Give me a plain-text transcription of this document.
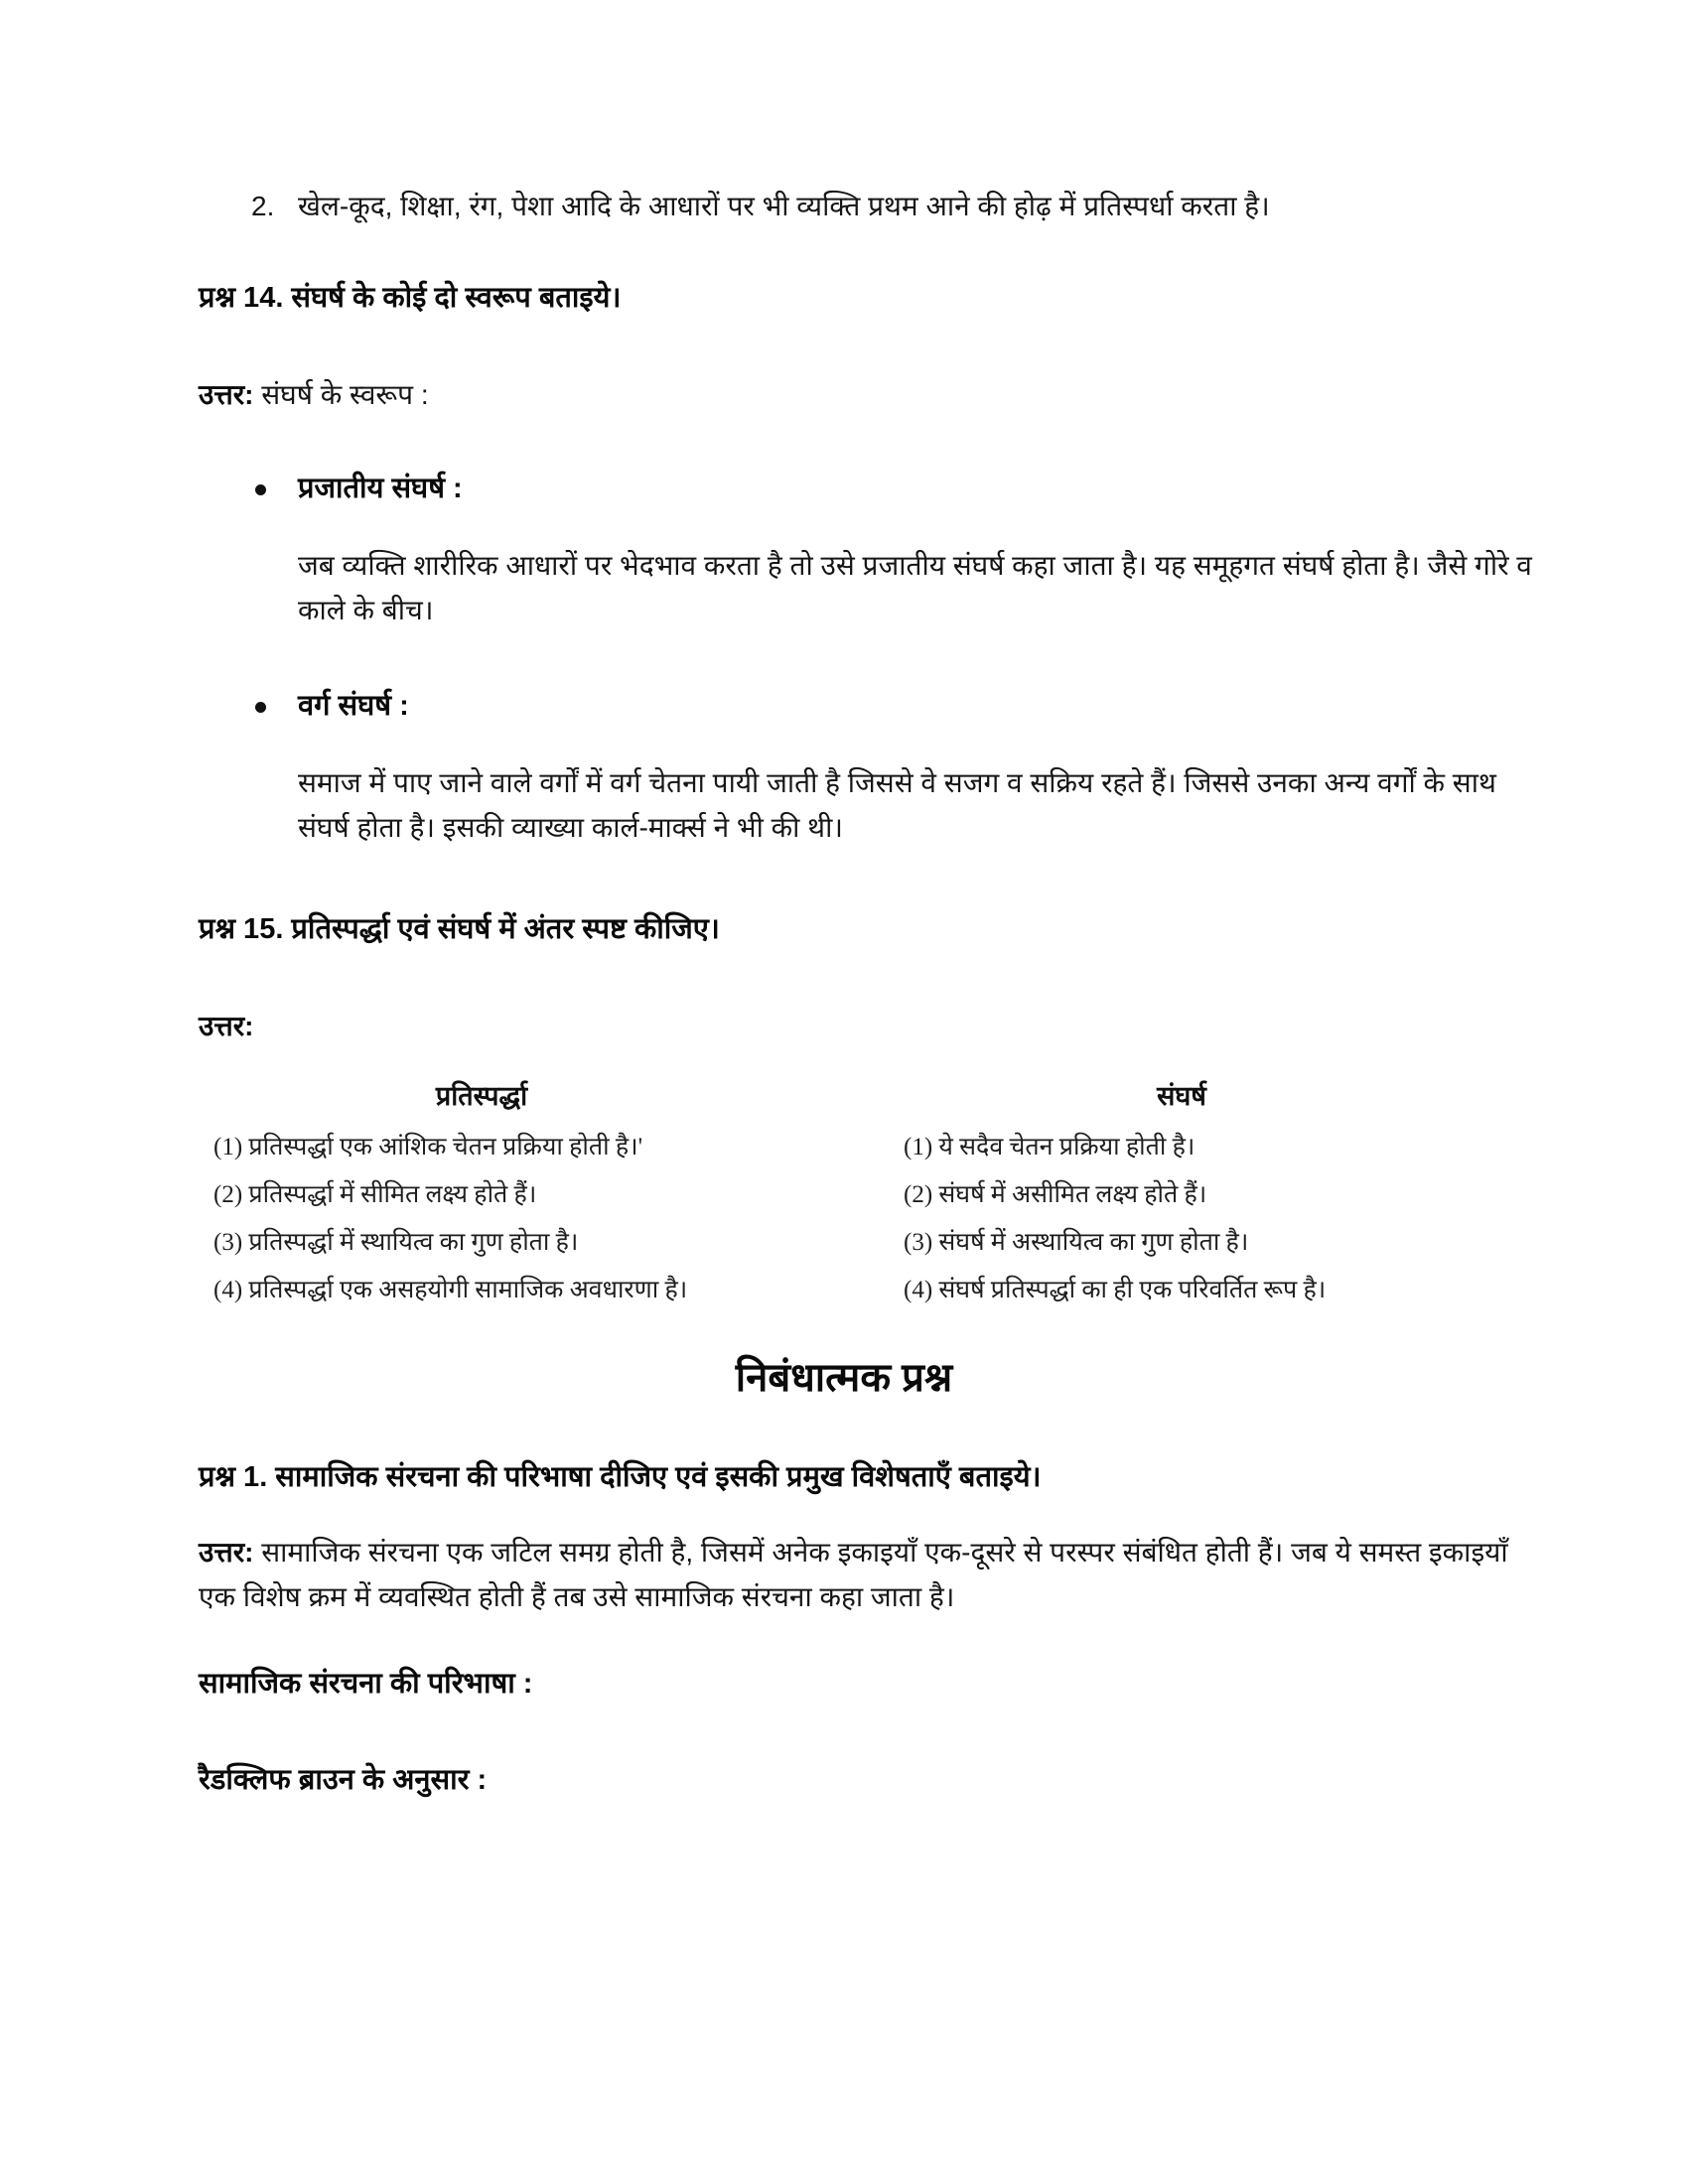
2. खेल-कूद, शिक्षा, रंग, पेशा आदि के आधारों पर भी व्यक्ति प्रथम आने की होढ़ में प्रतिस्पर्धा करता है।

प्रश्न 14. संघर्ष के कोई दो स्वरूप बताइये।

उत्तर: संघर्ष के स्वरूप :

प्रजातीय संघर्ष :

जब व्यक्ति शारीरिक आधारों पर भेदभाव करता है तो उसे प्रजातीय संघर्ष कहा जाता है। यह समूहगत संघर्ष होता है। जैसे गोरे व काले के बीच।

वर्ग संघर्ष :

समाज में पाए जाने वाले वर्गों में वर्ग चेतना पायी जाती है जिससे वे सजग व सक्रिय रहते हैं। जिससे उनका अन्य वर्गों के साथ संघर्ष होता है। इसकी व्याख्या कार्ल-मार्क्स ने भी की थी।

प्रश्न 15. प्रतिस्पर्द्धा एवं संघर्ष में अंतर स्पष्ट कीजिए।

उत्तर:

प्रतिस्पर्द्धा
(1) प्रतिस्पर्द्धा एक आंशिक चेतन प्रक्रिया होती है।'
(2) प्रतिस्पर्द्धा में सीमित लक्ष्य होते हैं।
(3) प्रतिस्पर्द्धा में स्थायित्व का गुण होता है।
(4) प्रतिस्पर्द्धा एक असहयोगी सामाजिक अवधारणा है।
संघर्ष
(1) ये सदैव चेतन प्रक्रिया होती है।
(2) संघर्ष में असीमित लक्ष्य होते हैं।
(3) संघर्ष में अस्थायित्व का गुण होता है।
(4) संघर्ष प्रतिस्पर्द्धा का ही एक परिवर्तित रूप है।
निबंधात्मक प्रश्न
प्रश्न 1. सामाजिक संरचना की परिभाषा दीजिए एवं इसकी प्रमुख विशेषताएँ बताइये।

उत्तर: सामाजिक संरचना एक जटिल समग्र होती है, जिसमें अनेक इकाइयाँ एक-दूसरे से परस्पर संबंधित होती हैं। जब ये समस्त इकाइयाँ एक विशेष क्रम में व्यवस्थित होती हैं तब उसे सामाजिक संरचना कहा जाता है।

सामाजिक संरचना की परिभाषा :
रैडक्लिफ ब्राउन के अनुसार :
